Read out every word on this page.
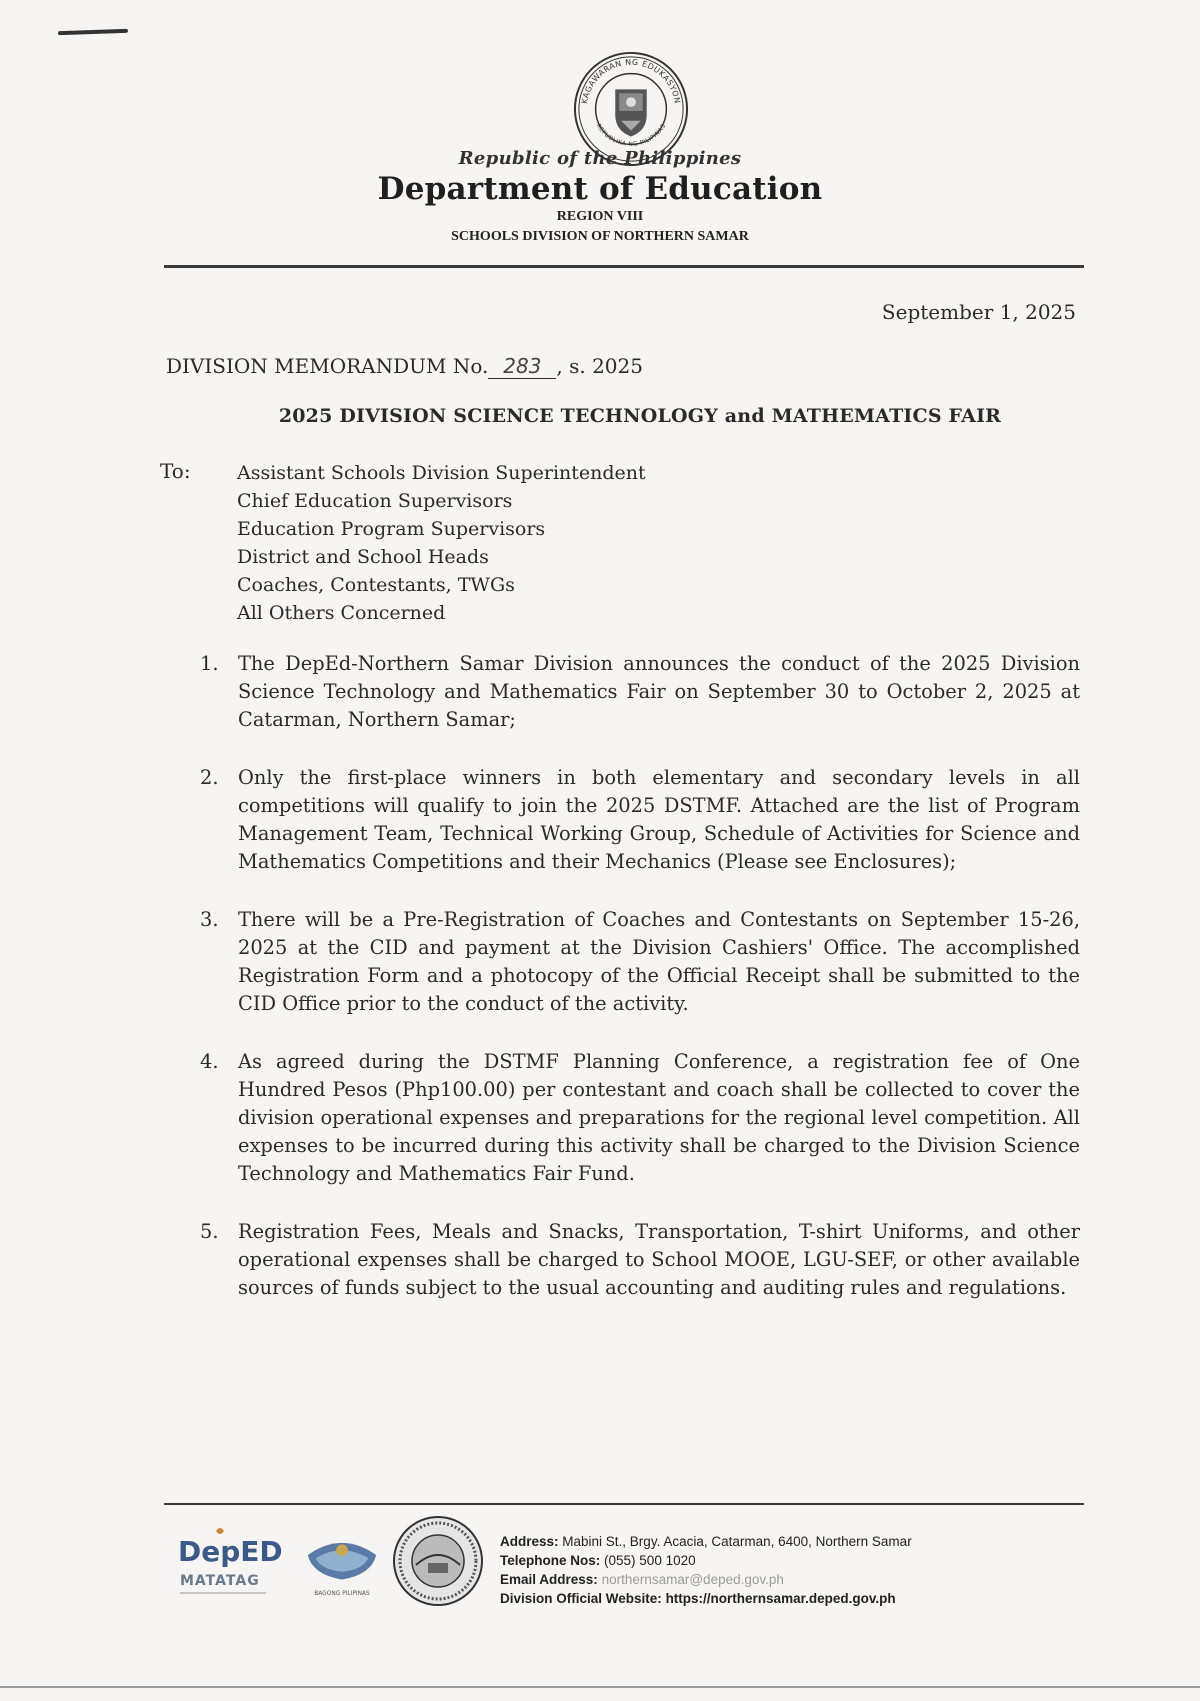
KAGAWARAN NG EDUKASYON
REPUBLIKA NG PILIPINAS
Republic of the Philippines
Department of Education
REGION VIII
SCHOOLS DIVISION OF NORTHERN SAMAR
September 1, 2025
DIVISION MEMORANDUM No. 283 , s. 2025
2025 DIVISION SCIENCE TECHNOLOGY and MATHEMATICS FAIR
To: Assistant Schools Division Superintendent
Chief Education Supervisors
Education Program Supervisors
District and School Heads
Coaches, Contestants, TWGs
All Others Concerned
1. The DepEd-Northern Samar Division announces the conduct of the 2025 Division Science Technology and Mathematics Fair on September 30 to October 2, 2025 at Catarman, Northern Samar;
2. Only the first-place winners in both elementary and secondary levels in all competitions will qualify to join the 2025 DSTMF. Attached are the list of Program Management Team, Technical Working Group, Schedule of Activities for Science and Mathematics Competitions and their Mechanics (Please see Enclosures);
3. There will be a Pre-Registration of Coaches and Contestants on September 15-26, 2025 at the CID and payment at the Division Cashiers' Office. The accomplished Registration Form and a photocopy of the Official Receipt shall be submitted to the CID Office prior to the conduct of the activity.
4. As agreed during the DSTMF Planning Conference, a registration fee of One Hundred Pesos (Php100.00) per contestant and coach shall be collected to cover the division operational expenses and preparations for the regional level competition. All expenses to be incurred during this activity shall be charged to the Division Science Technology and Mathematics Fair Fund.
5. Registration Fees, Meals and Snacks, Transportation, T-shirt Uniforms, and other operational expenses shall be charged to School MOOE, LGU-SEF, or other available sources of funds subject to the usual accounting and auditing rules and regulations.
DepED
MATATAG
BAGONG PILIPINAS
Address: Mabini St., Brgy. Acacia, Catarman, 6400, Northern Samar
Telephone Nos: (055) 500 1020
Email Address: northernsamar@deped.gov.ph
Division Official Website: https://northernsamar.deped.gov.ph
